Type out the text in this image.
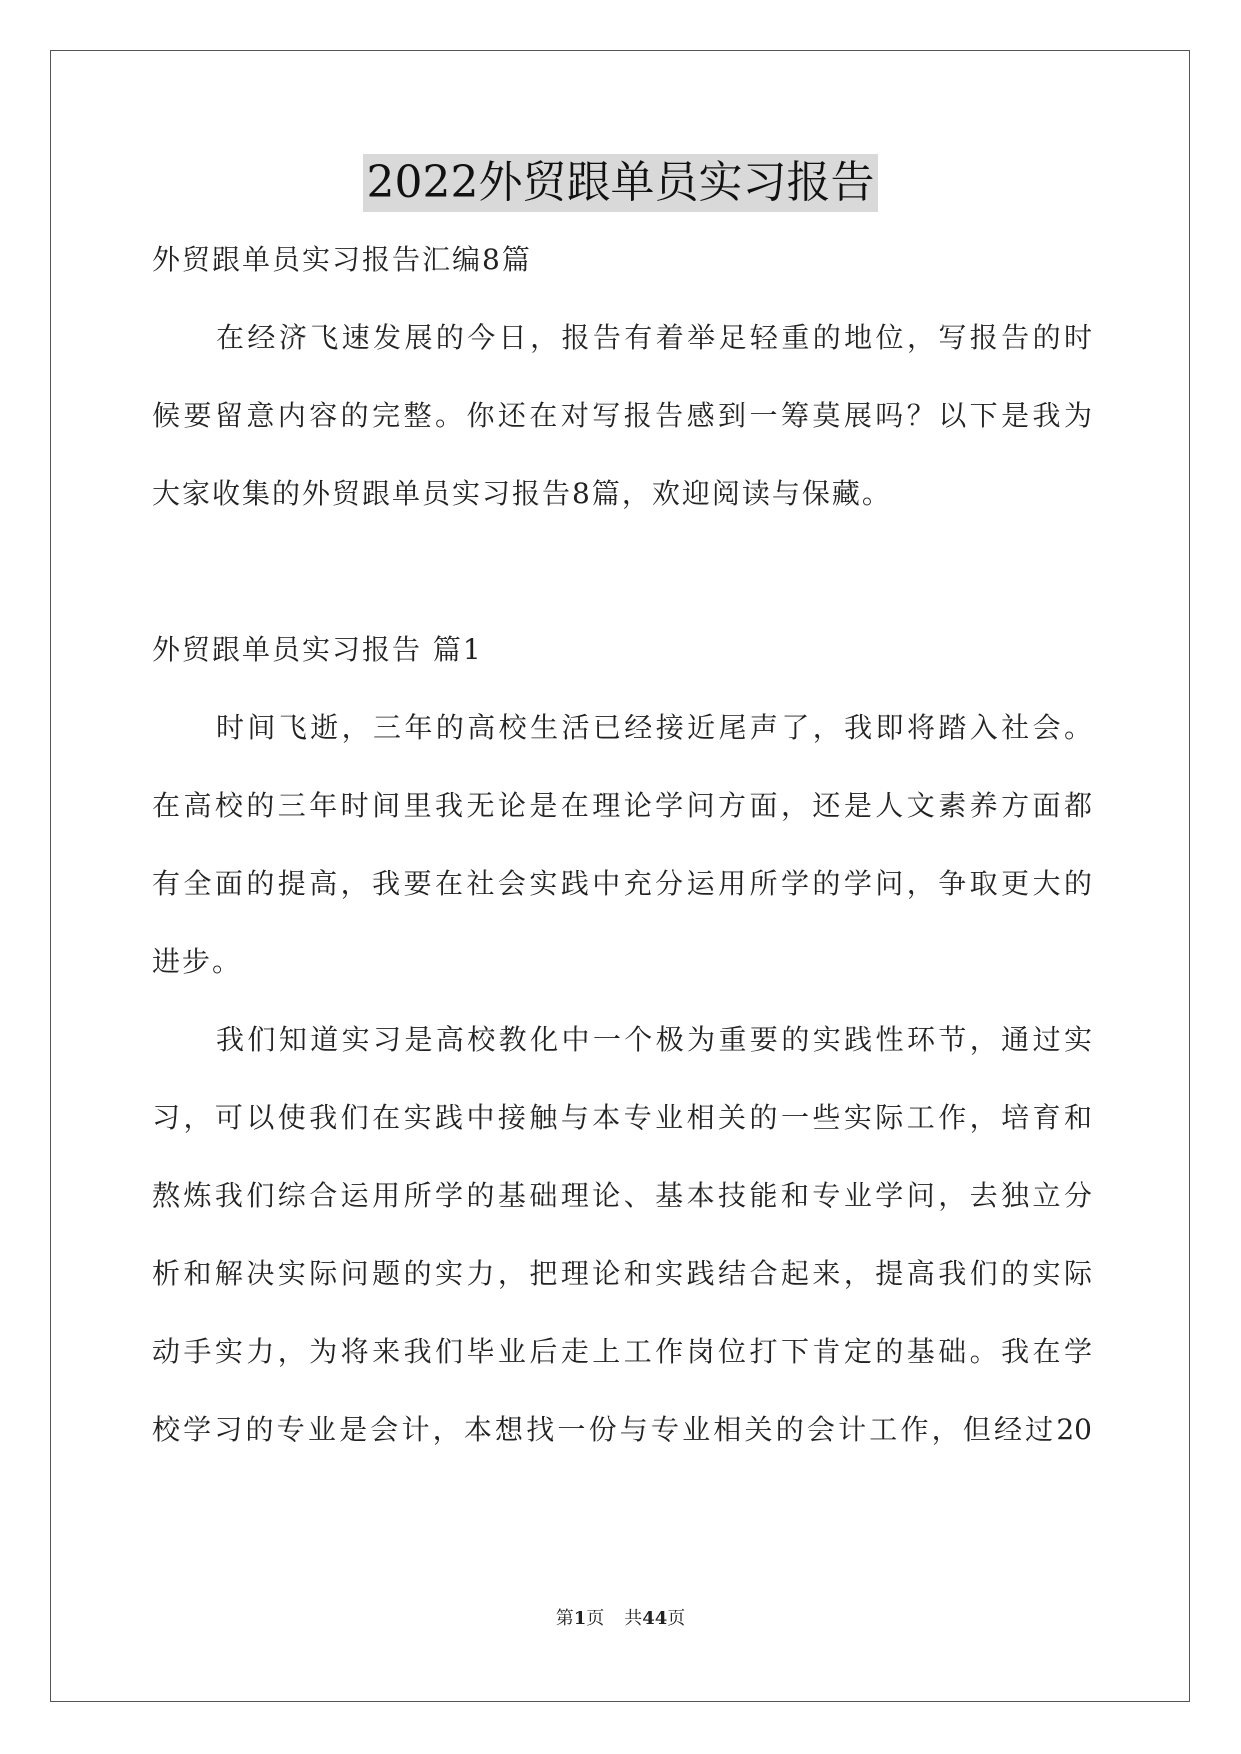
2022外贸跟单员实习报告
外贸跟单员实习报告汇编8篇
在经济飞速发展的今日，报告有着举足轻重的地位，写报告的时
候要留意内容的完整。你还在对写报告感到一筹莫展吗？以下是我为
大家收集的外贸跟单员实习报告8篇，欢迎阅读与保藏。
外贸跟单员实习报告 篇1
时间飞逝，三年的高校生活已经接近尾声了，我即将踏入社会。
在高校的三年时间里我无论是在理论学问方面，还是人文素养方面都
有全面的提高，我要在社会实践中充分运用所学的学问，争取更大的
进步。
我们知道实习是高校教化中一个极为重要的实践性环节，通过实
习，可以使我们在实践中接触与本专业相关的一些实际工作，培育和
熬炼我们综合运用所学的基础理论、基本技能和专业学问，去独立分
析和解决实际问题的实力，把理论和实践结合起来，提高我们的实际
动手实力，为将来我们毕业后走上工作岗位打下肯定的基础。我在学
校学习的专业是会计，本想找一份与专业相关的会计工作，但经过20
第1页 共44页
